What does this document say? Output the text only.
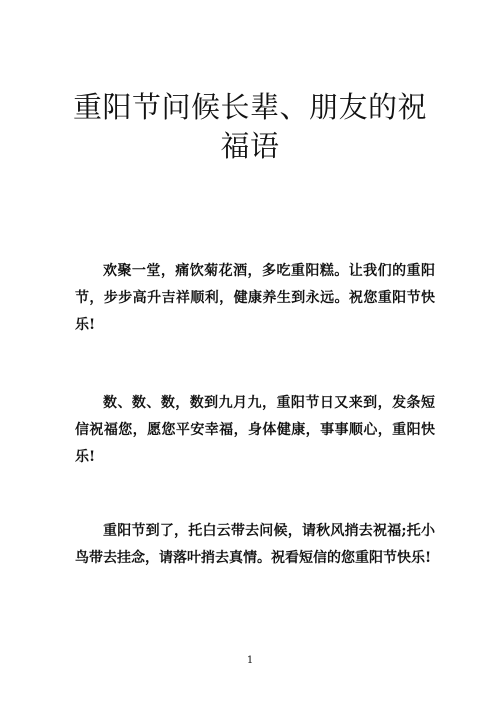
重阳节问候长辈、朋友的祝福语

欢聚一堂，痛饮菊花酒，多吃重阳糕。让我们的重阳节，步步高升吉祥顺利，健康养生到永远。祝您重阳节快乐!

数、数、数，数到九月九，重阳节日又来到，发条短信祝福您，愿您平安幸福，身体健康，事事顺心，重阳快乐!

重阳节到了，托白云带去问候，请秋风捎去祝福;托小鸟带去挂念，请落叶捎去真情。祝看短信的您重阳节快乐!

1
